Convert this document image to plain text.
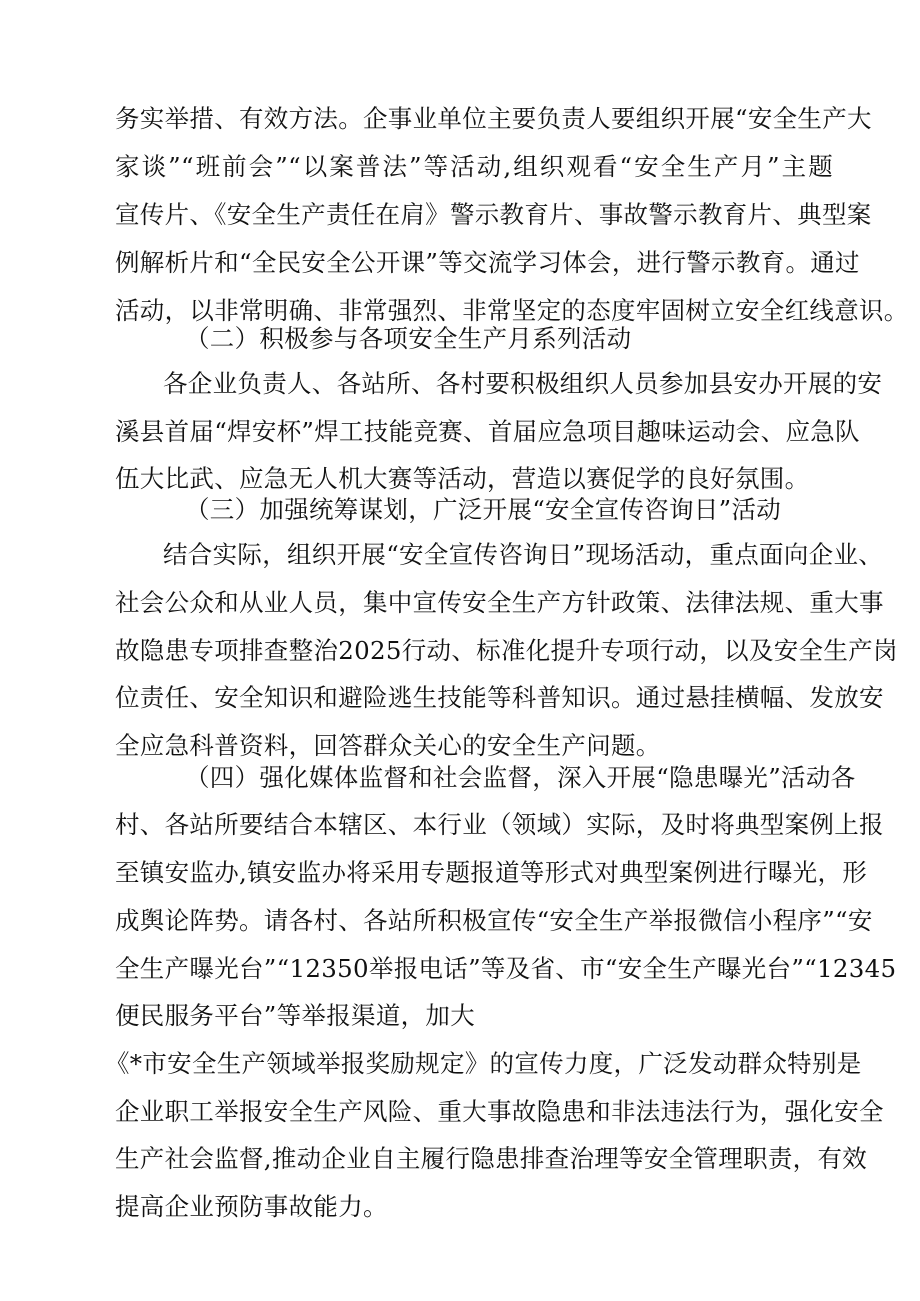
务实举措、有效方法。企事业单位主要负责人要组织开展“安全生产大
家谈”“班前会”“以案普法”等活动,组织观看“安全生产月”主题
宣传片、《安全生产责任在肩》警示教育片、事故警示教育片、典型案
例解析片和“全民安全公开课”等交流学习体会，进行警示教育。通过
活动，以非常明确、非常强烈、非常坚定的态度牢固树立安全红线意识。
（二）积极参与各项安全生产月系列活动
各企业负责人、各站所、各村要积极组织人员参加县安办开展的安
溪县首届“焊安杯”焊工技能竞赛、首届应急项目趣味运动会、应急队
伍大比武、应急无人机大赛等活动，营造以赛促学的良好氛围。
（三）加强统筹谋划，广泛开展“安全宣传咨询日”活动
结合实际，组织开展“安全宣传咨询日”现场活动，重点面向企业、
社会公众和从业人员，集中宣传安全生产方针政策、法律法规、重大事
故隐患专项排查整治2025行动、标准化提升专项行动，以及安全生产岗
位责任、安全知识和避险逃生技能等科普知识。通过悬挂横幅、发放安
全应急科普资料，回答群众关心的安全生产问题。
（四）强化媒体监督和社会监督，深入开展“隐患曝光”活动各
村、各站所要结合本辖区、本行业（领域）实际，及时将典型案例上报
至镇安监办,镇安监办将采用专题报道等形式对典型案例进行曝光，形
成舆论阵势。请各村、各站所积极宣传“安全生产举报微信小程序”“安
全生产曝光台”“12350举报电话”等及省、市“安全生产曝光台”“12345
便民服务平台”等举报渠道，加大
《*市安全生产领域举报奖励规定》的宣传力度，广泛发动群众特别是
企业职工举报安全生产风险、重大事故隐患和非法违法行为，强化安全
生产社会监督,推动企业自主履行隐患排查治理等安全管理职责，有效
提高企业预防事故能力。
